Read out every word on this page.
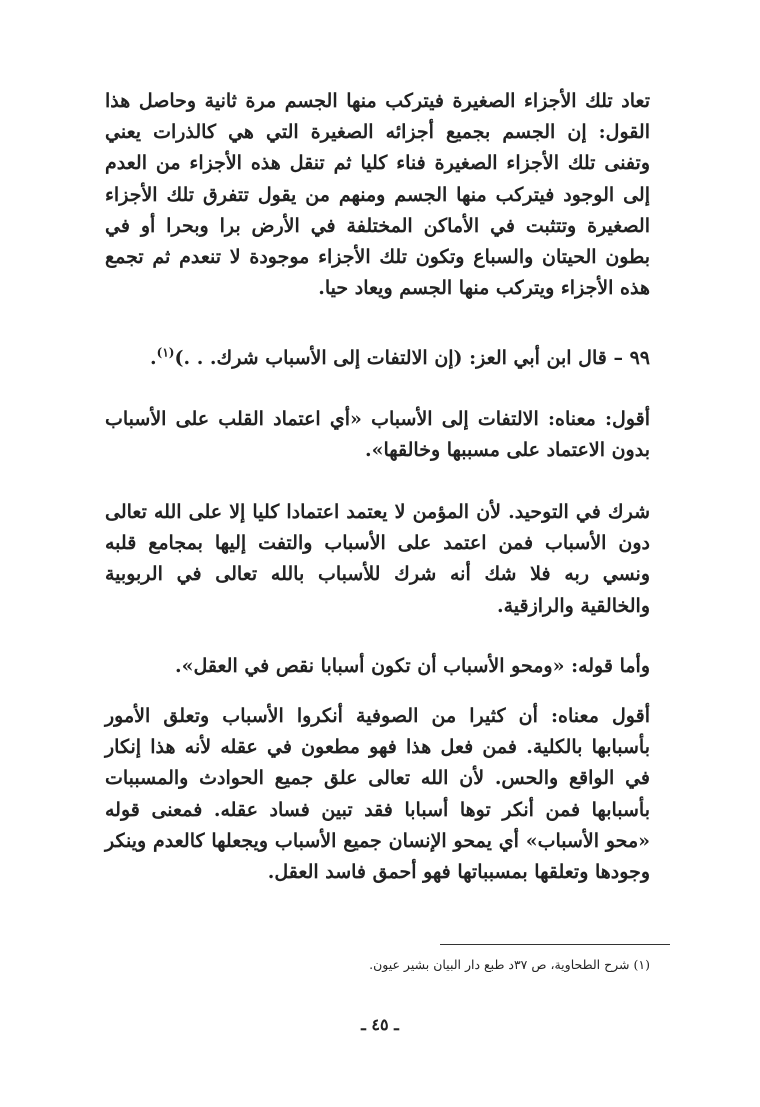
تعاد تلك الأجزاء الصغيرة فيتركب منها الجسم مرة ثانية وحاصل هذا القول: إن الجسم بجميع أجزائه الصغيرة التي هي كالذرات يعني وتفنى تلك الأجزاء الصغيرة فناء كليا ثم تنقل هذه الأجزاء من العدم إلى الوجود فيتركب منها الجسم ومنهم من يقول تتفرق تلك الأجزاء الصغيرة وتتثبت في الأماكن المختلفة في الأرض برا وبحرا أو في بطون الحيتان والسباع وتكون تلك الأجزاء موجودة لا تنعدم ثم تجمع هذه الأجزاء ويتركب منها الجسم ويعاد حيا.

٩٩ – قال ابن أبي العز: (إن الالتفات إلى الأسباب شرك. . .)$^{(١)}$.

أقول: معناه: الالتفات إلى الأسباب «أي اعتماد القلب على الأسباب بدون الاعتماد على مسببها وخالقها».

شرك في التوحيد. لأن المؤمن لا يعتمد اعتمادا كليا إلا على الله تعالى دون الأسباب فمن اعتمد على الأسباب والتفت إليها بمجامع قلبه ونسي ربه فلا شك أنه شرك للأسباب بالله تعالى في الربوبية والخالقية والرازقية.

وأما قوله: «ومحو الأسباب أن تكون أسبابا نقص في العقل».

أقول معناه: أن كثيرا من الصوفية أنكروا الأسباب وتعلق الأمور بأسبابها بالكلية. فمن فعل هذا فهو مطعون في عقله لأنه هذا إنكار في الواقع والحس. لأن الله تعالى علق جميع الحوادث والمسببات بأسبابها فمن أنكر توها أسبابا فقد تبين فساد عقله. فمعنى قوله «محو الأسباب» أي يمحو الإنسان جميع الأسباب ويجعلها كالعدم وينكر وجودها وتعلقها بمسبباتها فهو أحمق فاسد العقل.

(١) شرح الطحاوية، ص ٣٧د طبع دار البيان بشير عيون.

ـ ٤٥ ـ
